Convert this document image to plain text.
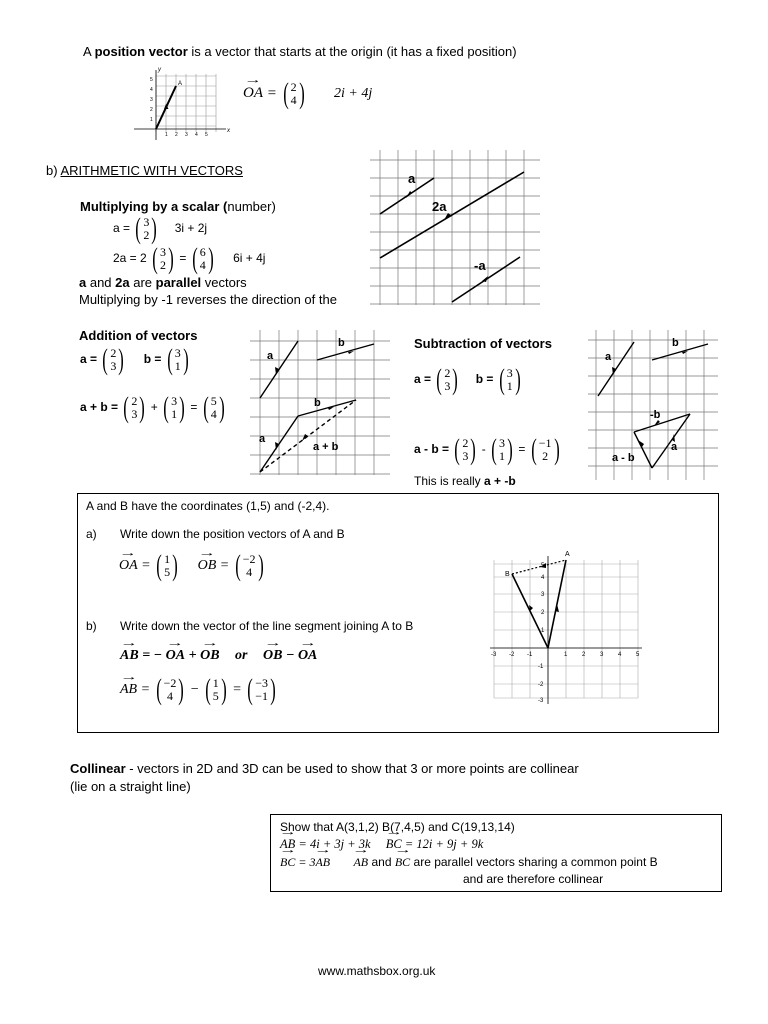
A position vector is a vector that starts at the origin (it has a fixed position)
A
x
y
1 2 3 4 5
1
2
3
4
5
→ OA = ( 2
4 ) 2i + 4j
b) ARITHMETIC WITH VECTORS
Multiplying by a scalar (number)
a = ( 3
2 ) 3i + 2j
2a = 2 ( 3
2 ) = ( 6
4 ) 6i + 4j
a and 2a are parallel vectors
Multiplying by -1 reverses the direction of the
a
2a
-a
Addition of vectors
a = ( 2
3 ) b = ( 3
1 )
a + b = ( 2
3 ) + ( 3
1 ) = ( 5
4 )
a
b
b
a
a + b
Subtraction of vectors
a = ( 2
3 ) b = ( 3
1 )
a - b = ( 2
3 ) - ( 3
1 ) = ( −1
2 )
This is really a + -b
a
b
-b
a
a - b
A and B have the coordinates (1,5) and (-2,4).
a) Write down the position vectors of A and B
→ OA = ( 1
5 ) → OB = ( −2
4 )
b) Write down the vector of the line segment joining A to B
→ AB = − → OA + → OB or → OB − → OA
→ AB = ( −2
4 ) − ( 1
5 ) = ( −3
−1 )
A
B
-3 -2 -1	1 2 3 4 5
5
4
3
2
1
-1
-2
-3
Collinear - vectors in 2D and 3D can be used to show that 3 or more points are collinear
(lie on a straight line)
Show that A(3,1,2) B(7,4,5) and C(19,13,14)
→ AB = 4i + 3j + 3k → BC = 12i + 9j + 9k
→ BC = 3→ AB → AB and → BC are parallel vectors sharing a common point B
and are therefore collinear
www.mathsbox.org.uk
